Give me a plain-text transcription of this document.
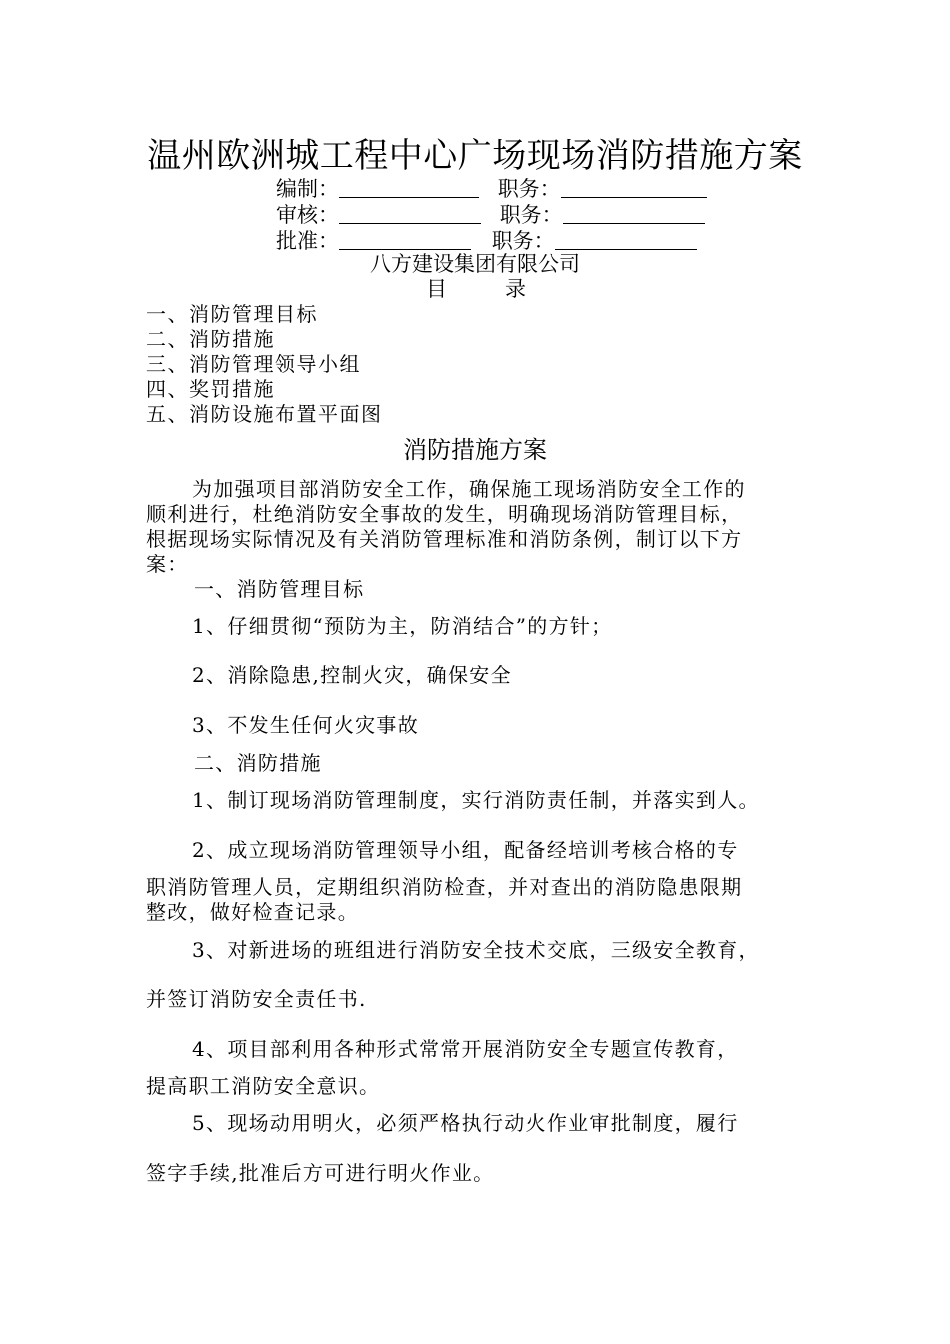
温州欧洲城工程中心广场现场消防措施方案
编制：	职务：
审核：	职务：
批准：	职务：
八方建设集团有限公司
目	录
一、消防管理目标
二、消防措施
三、消防管理领导小组
四、奖罚措施
五、消防设施布置平面图
消防措施方案
为加强项目部消防安全工作，确保施工现场消防安全工作的
顺利进行，杜绝消防安全事故的发生，明确现场消防管理目标，
根据现场实际情况及有关消防管理标准和消防条例，制订以下方
案：
一、消防管理目标
1、仔细贯彻“预防为主，防消结合”的方针；
2、消除隐患,控制火灾，确保安全
3、不发生任何火灾事故
二、消防措施
1、制订现场消防管理制度，实行消防责任制，并落实到人。
2、成立现场消防管理领导小组，配备经培训考核合格的专
职消防管理人员，定期组织消防检查，并对查出的消防隐患限期
整改，做好检查记录。
3、对新进场的班组进行消防安全技术交底，三级安全教育，
并签订消防安全责任书.
4、项目部利用各种形式常常开展消防安全专题宣传教育，
提高职工消防安全意识。
5、现场动用明火，必须严格执行动火作业审批制度，履行
签字手续,批准后方可进行明火作业。
